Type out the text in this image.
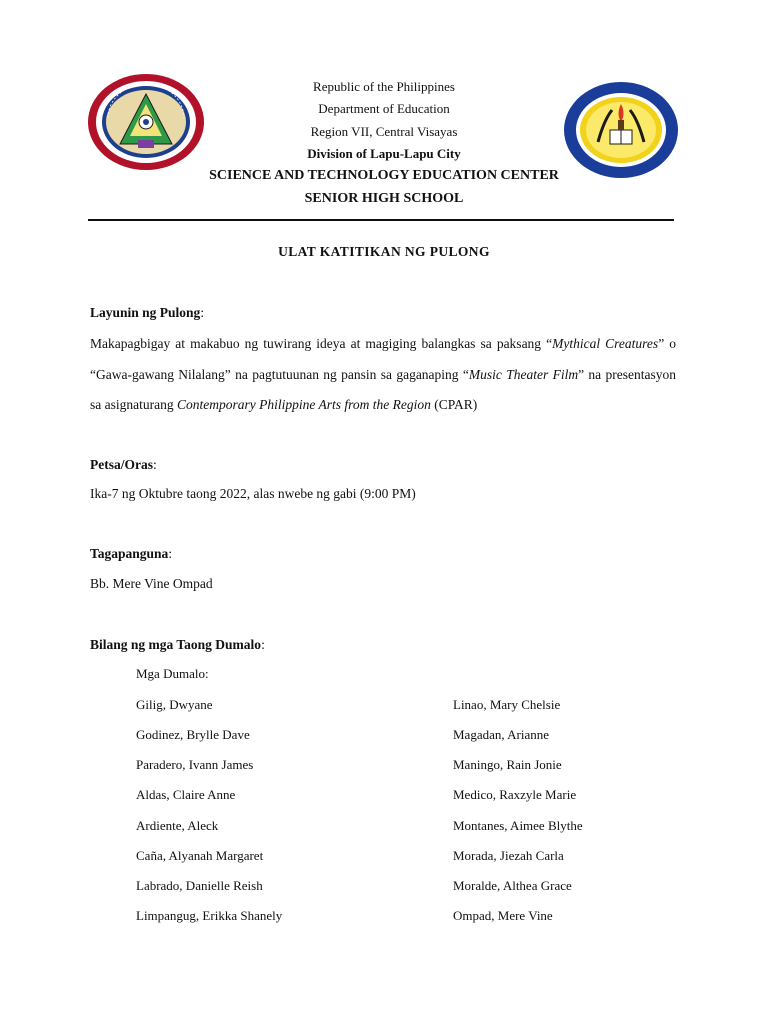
Republic of the Philippines
Department of Education
Region VII, Central Visayas
Division of Lapu-Lapu City
SCIENCE AND TECHNOLOGY EDUCATION CENTER
SENIOR HIGH SCHOOL
ULAT KATITIKAN NG PULONG
Layunin ng Pulong:
Makapagbigay at makabuo ng tuwirang ideya at magiging balangkas sa paksang “Mythical Creatures” o “Gawa-gawang Nilalang” na pagtutuunan ng pansin sa gaganaping “Music Theater Film” na presentasyon sa asignaturang Contemporary Philippine Arts from the Region (CPAR)
Petsa/Oras:
Ika-7 ng Oktubre taong 2022, alas nwebe ng gabi (9:00 PM)
Tagapanguna:
Bb. Mere Vine Ompad
Bilang ng mga Taong Dumalo:
Mga Dumalo:
Gilig, Dwyane
Godinez, Brylle Dave
Paradero, Ivann James
Aldas, Claire Anne
Ardiente, Aleck
Caña, Alyanah Margaret
Labrado, Danielle Reish
Limpangug, Erikka Shanely
Linao, Mary Chelsie
Magadan, Arianne
Maningo, Rain Jonie
Medico, Raxzyle Marie
Montanes, Aimee Blythe
Morada, Jiezah Carla
Moralde, Althea Grace
Ompad, Mere Vine
